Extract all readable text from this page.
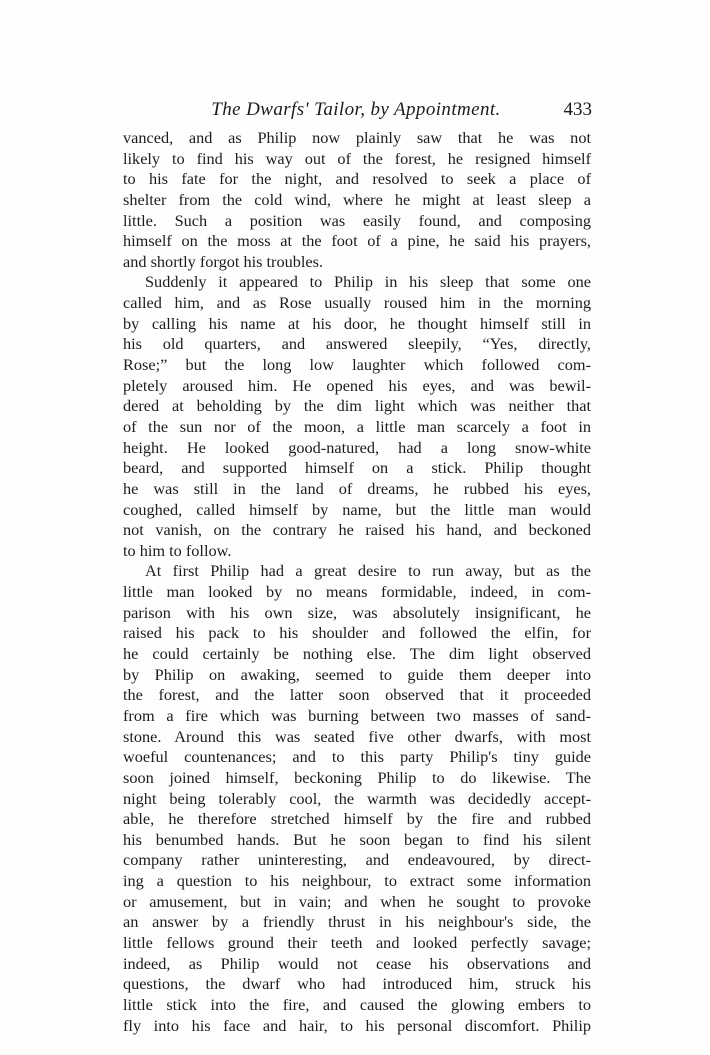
The Dwarfs' Tailor, by Appointment.	433
vanced, and as Philip now plainly saw that he was not
likely to find his way out of the forest, he resigned himself
to his fate for the night, and resolved to seek a place of
shelter from the cold wind, where he might at least sleep a
little. Such a position was easily found, and composing
himself on the moss at the foot of a pine, he said his prayers,
and shortly forgot his troubles.
Suddenly it appeared to Philip in his sleep that some one
called him, and as Rose usually roused him in the morning
by calling his name at his door, he thought himself still in
his old quarters, and answered sleepily, “Yes, directly,
Rose;” but the long low laughter which followed com-
pletely aroused him. He opened his eyes, and was bewil-
dered at beholding by the dim light which was neither that
of the sun nor of the moon, a little man scarcely a foot in
height. He looked good-natured, had a long snow-white
beard, and supported himself on a stick. Philip thought
he was still in the land of dreams, he rubbed his eyes,
coughed, called himself by name, but the little man would
not vanish, on the contrary he raised his hand, and beckoned
to him to follow.
At first Philip had a great desire to run away, but as the
little man looked by no means formidable, indeed, in com-
parison with his own size, was absolutely insignificant, he
raised his pack to his shoulder and followed the elfin, for
he could certainly be nothing else. The dim light observed
by Philip on awaking, seemed to guide them deeper into
the forest, and the latter soon observed that it proceeded
from a fire which was burning between two masses of sand-
stone. Around this was seated five other dwarfs, with most
woeful countenances; and to this party Philip's tiny guide
soon joined himself, beckoning Philip to do likewise. The
night being tolerably cool, the warmth was decidedly accept-
able, he therefore stretched himself by the fire and rubbed
his benumbed hands. But he soon began to find his silent
company rather uninteresting, and endeavoured, by direct-
ing a question to his neighbour, to extract some information
or amusement, but in vain; and when he sought to provoke
an answer by a friendly thrust in his neighbour's side, the
little fellows ground their teeth and looked perfectly savage;
indeed, as Philip would not cease his observations and
questions, the dwarf who had introduced him, struck his
little stick into the fire, and caused the glowing embers to
fly into his face and hair, to his personal discomfort. Philip
